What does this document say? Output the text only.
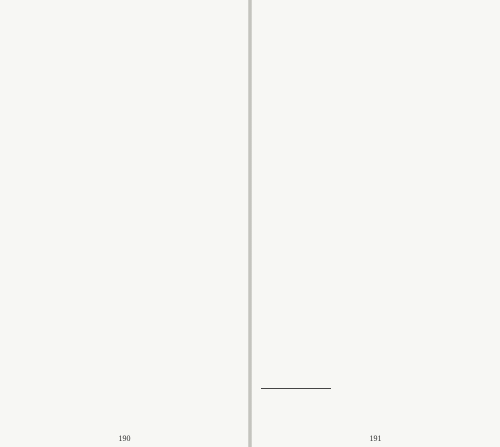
190	191
